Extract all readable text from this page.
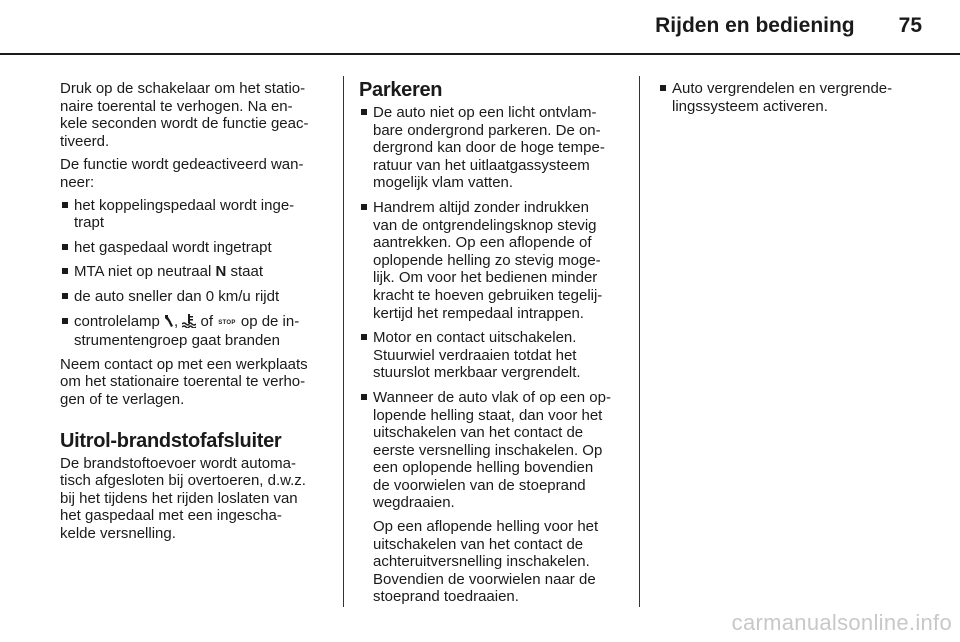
Rijden en bediening 75

Druk op de schakelaar om het statio-
naire toerental te verhogen. Na en-
kele seconden wordt de functie geac-
tiveerd.

De functie wordt gedeactiveerd wan-
neer:

het koppelingspedaal wordt inge-
trapt
het gaspedaal wordt ingetrapt
MTA niet op neutraal N staat
de auto sneller dan 0 km/u rijdt
controlelamp ,  of STOP op de in-
strumentengroep gaat branden

Neem contact op met een werkplaats
om het stationaire toerental te verho-
gen of te verlagen.

Uitrol-brandstofafsluiter

De brandstoftoevoer wordt automa-
tisch afgesloten bij overtoeren, d.w.z.
bij het tijdens het rijden loslaten van
het gaspedaal met een ingescha-
kelde versnelling.

Parkeren
De auto niet op een licht ontvlam-
bare ondergrond parkeren. De on-
dergrond kan door de hoge tempe-
ratuur van het uitlaatgassysteem
mogelijk vlam vatten.
Handrem altijd zonder indrukken
van de ontgrendelingsknop stevig
aantrekken. Op een aflopende of
oplopende helling zo stevig moge-
lijk. Om voor het bedienen minder
kracht te hoeven gebruiken tegelij-
kertijd het rempedaal intrappen.
Motor en contact uitschakelen.
Stuurwiel verdraaien totdat het
stuurslot merkbaar vergrendelt.
Wanneer de auto vlak of op een op-
lopende helling staat, dan voor het
uitschakelen van het contact de
eerste versnelling inschakelen. Op
een oplopende helling bovendien
de voorwielen van de stoeprand
wegdraaien.
Op een aflopende helling voor het
uitschakelen van het contact de
achteruitversnelling inschakelen.
Bovendien de voorwielen naar de
stoeprand toedraaien.
Auto vergrendelen en vergrende-
lingssysteem activeren.
carmanualsonline.info
